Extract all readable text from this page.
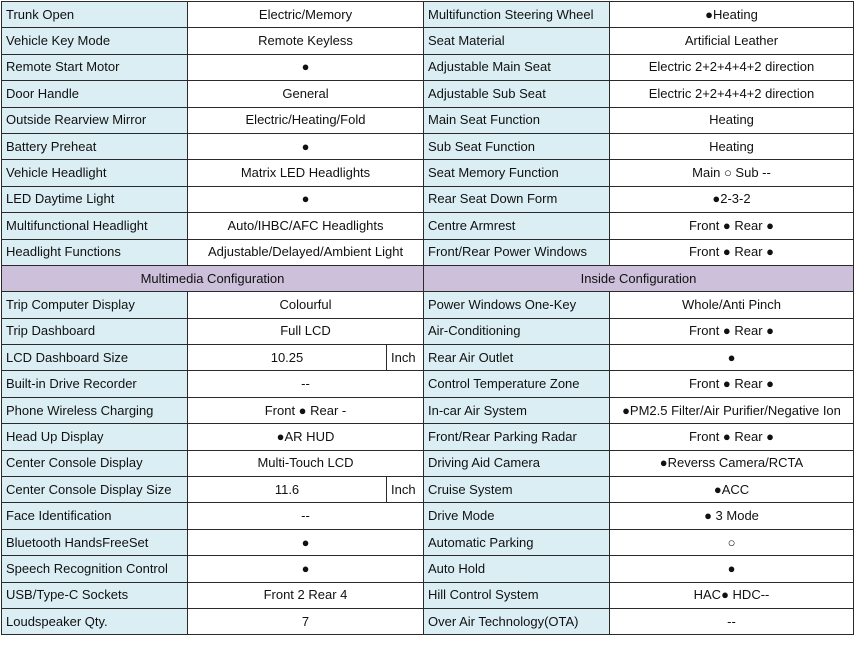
Trunk Open	Electric/Memory		Multifunction Steering Wheel	●Heating
Vehicle Key Mode	Remote Keyless		Seat Material	Artificial Leather
Remote Start Motor	●		Adjustable Main Seat	Electric 2+2+4+4+2 direction
Door Handle	General		Adjustable Sub Seat	Electric 2+2+4+4+2 direction
Outside Rearview Mirror	Electric/Heating/Fold		Main Seat Function	Heating
Battery Preheat	●		Sub Seat Function	Heating
Vehicle Headlight	Matrix LED Headlights		Seat Memory Function	Main ○ Sub --
LED Daytime Light	●		Rear Seat Down Form	●2-3-2
Multifunctional Headlight	Auto/IHBC/AFC Headlights		Centre Armrest	Front ● Rear ●
Headlight Functions	Adjustable/Delayed/Ambient Light		Front/Rear Power Windows	Front ● Rear ●
Multimedia Configuration			Inside Configuration	
Trip Computer Display	Colourful		Power Windows One-Key	Whole/Anti Pinch
Trip Dashboard	Full LCD		Air-Conditioning	Front ● Rear ●
LCD Dashboard Size	10.25	Inch	Rear Air Outlet	●
Built-in Drive Recorder	--		Control Temperature Zone	Front ● Rear ●
Phone Wireless Charging	Front ● Rear -		In-car Air System	●PM2.5 Filter/Air Purifier/Negative Ion
Head Up Display	●AR HUD		Front/Rear Parking Radar	Front ● Rear ●
Center Console Display	Multi-Touch LCD		Driving Aid Camera	●Reverss Camera/RCTA
Center Console Display Size	11.6	Inch	Cruise System	●ACC
Face Identification	--		Drive Mode	● 3 Mode
Bluetooth HandsFreeSet	●		Automatic Parking	○
Speech Recognition Control	●		Auto Hold	●
USB/Type-C Sockets	Front 2 Rear 4		Hill Control System	HAC● HDC--
Loudspeaker Qty.	7		Over Air Technology(OTA)	--
